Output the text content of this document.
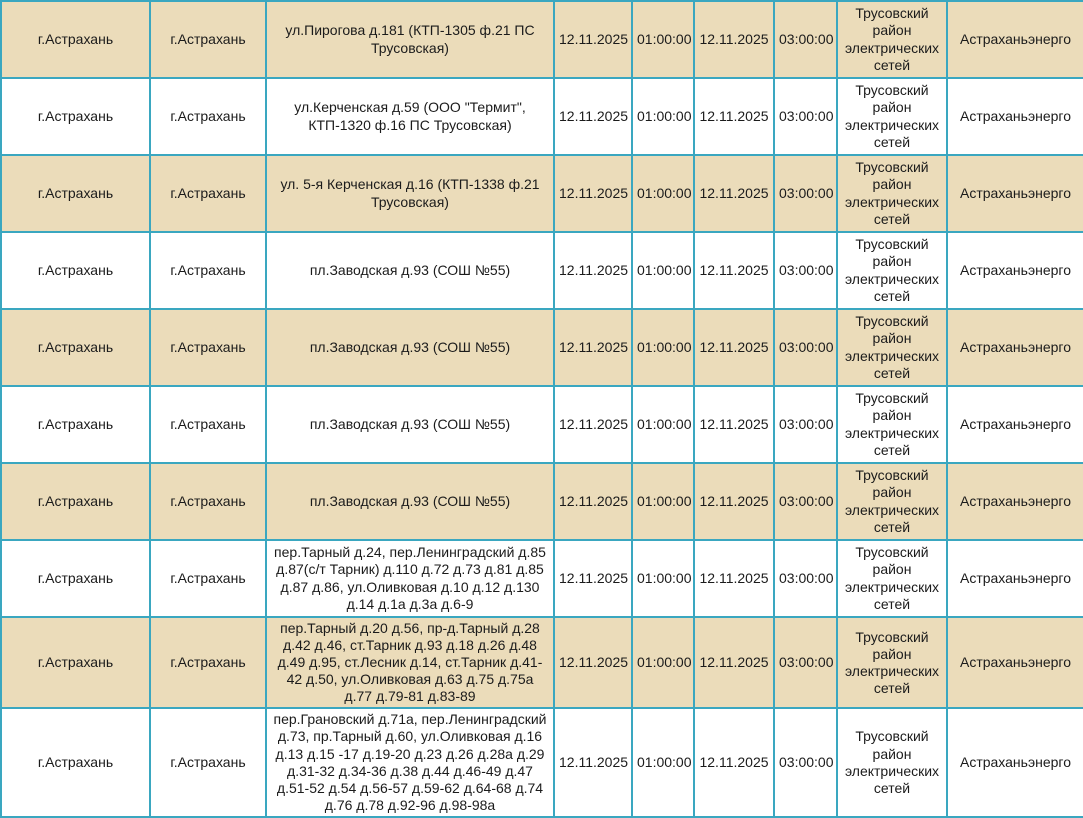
г.Астрахань	г.Астрахань	ул.Пирогова д.181 (КТП-1305 ф.21 ПС Трусовская)	12.11.2025	01:00:00	12.11.2025	03:00:00	Трусовский район электрических сетей	Астраханьэнерго
г.Астрахань	г.Астрахань	ул.Керченская д.59 (ООО "Термит", КТП-1320 ф.16 ПС Трусовская)	12.11.2025	01:00:00	12.11.2025	03:00:00	Трусовский район электрических сетей	Астраханьэнерго
г.Астрахань	г.Астрахань	ул. 5-я Керченская д.16 (КТП-1338 ф.21 Трусовская)	12.11.2025	01:00:00	12.11.2025	03:00:00	Трусовский район электрических сетей	Астраханьэнерго
г.Астрахань	г.Астрахань	пл.Заводская д.93 (СОШ №55)	12.11.2025	01:00:00	12.11.2025	03:00:00	Трусовский район электрических сетей	Астраханьэнерго
г.Астрахань	г.Астрахань	пл.Заводская д.93 (СОШ №55)	12.11.2025	01:00:00	12.11.2025	03:00:00	Трусовский район электрических сетей	Астраханьэнерго
г.Астрахань	г.Астрахань	пл.Заводская д.93 (СОШ №55)	12.11.2025	01:00:00	12.11.2025	03:00:00	Трусовский район электрических сетей	Астраханьэнерго
г.Астрахань	г.Астрахань	пл.Заводская д.93 (СОШ №55)	12.11.2025	01:00:00	12.11.2025	03:00:00	Трусовский район электрических сетей	Астраханьэнерго
г.Астрахань	г.Астрахань	пер.Тарный д.24, пер.Ленинградский д.85 д.87(с/т Тарник) д.110 д.72 д.73 д.81 д.85 д.87 д.86, ул.Оливковая д.10 д.12 д.130 д.14 д.1а д.3а д.6-9	12.11.2025	01:00:00	12.11.2025	03:00:00	Трусовский район электрических сетей	Астраханьэнерго
г.Астрахань	г.Астрахань	пер.Тарный д.20 д.56, пр-д.Тарный д.28 д.42 д.46, ст.Тарник д.93 д.18 д.26 д.48 д.49 д.95, ст.Лесник д.14, ст.Тарник д.41-42 д.50, ул.Оливковая д.63 д.75 д.75а д.77 д.79-81 д.83-89	12.11.2025	01:00:00	12.11.2025	03:00:00	Трусовский район электрических сетей	Астраханьэнерго
г.Астрахань	г.Астрахань	пер.Грановский д.71а, пер.Ленинградский д.73, пр.Тарный д.60, ул.Оливковая д.16 д.13 д.15 -17 д.19-20 д.23 д.26 д.28а д.29 д.31-32 д.34-36 д.38 д.44 д.46-49 д.47 д.51-52 д.54 д.56-57 д.59-62 д.64-68 д.74 д.76 д.78 д.92-96 д.98-98а	12.11.2025	01:00:00	12.11.2025	03:00:00	Трусовский район электрических сетей	Астраханьэнерго
